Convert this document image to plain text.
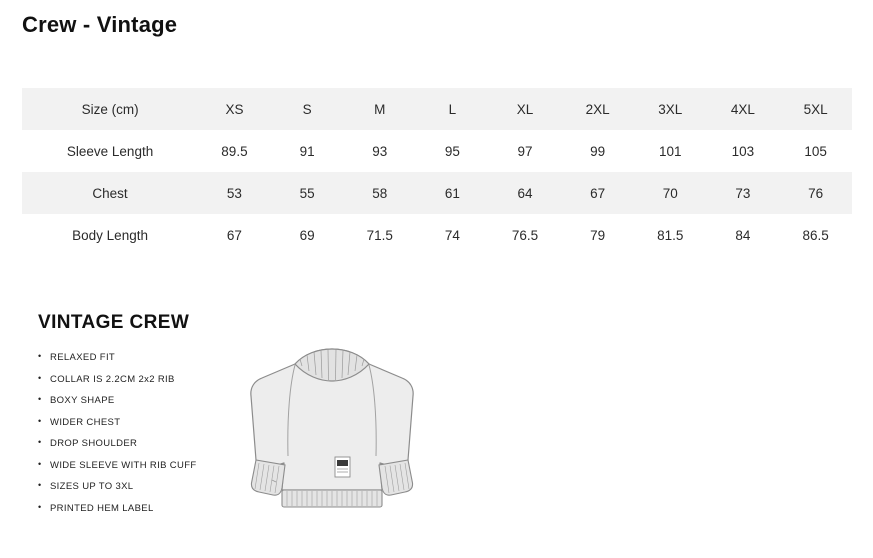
Crew - Vintage
Size (cm)	XS	S	M	L	XL	2XL	3XL	4XL	5XL
Sleeve Length	89.5	91	93	95	97	99	101	103	105
Chest	53	55	58	61	64	67	70	73	76
Body Length	67	69	71.5	74	76.5	79	81.5	84	86.5
VINTAGE CREW
• RELAXED FIT
• COLLAR IS 2.2CM 2x2 RIB
• BOXY SHAPE
• WIDER CHEST
• DROP SHOULDER
• WIDE SLEEVE WITH RIB CUFF
• SIZES UP TO 3XL
• PRINTED HEM LABEL
